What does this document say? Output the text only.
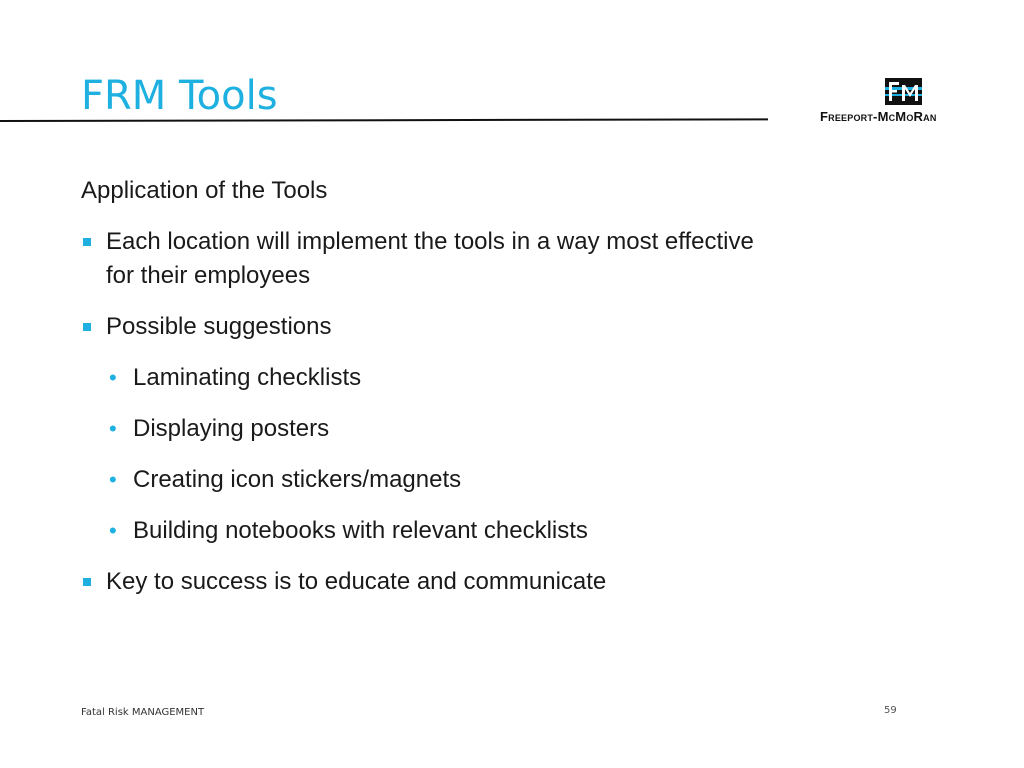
FRM Tools	Freeport-McMoRan

Application of the Tools

Each location will implement the tools in a way most effective for their employees
Possible suggestions
• Laminating checklists
• Displaying posters
• Creating icon stickers/magnets
• Building notebooks with relevant checklists
Key to success is to educate and communicate
Fatal Risk MANAGEMENT	59
